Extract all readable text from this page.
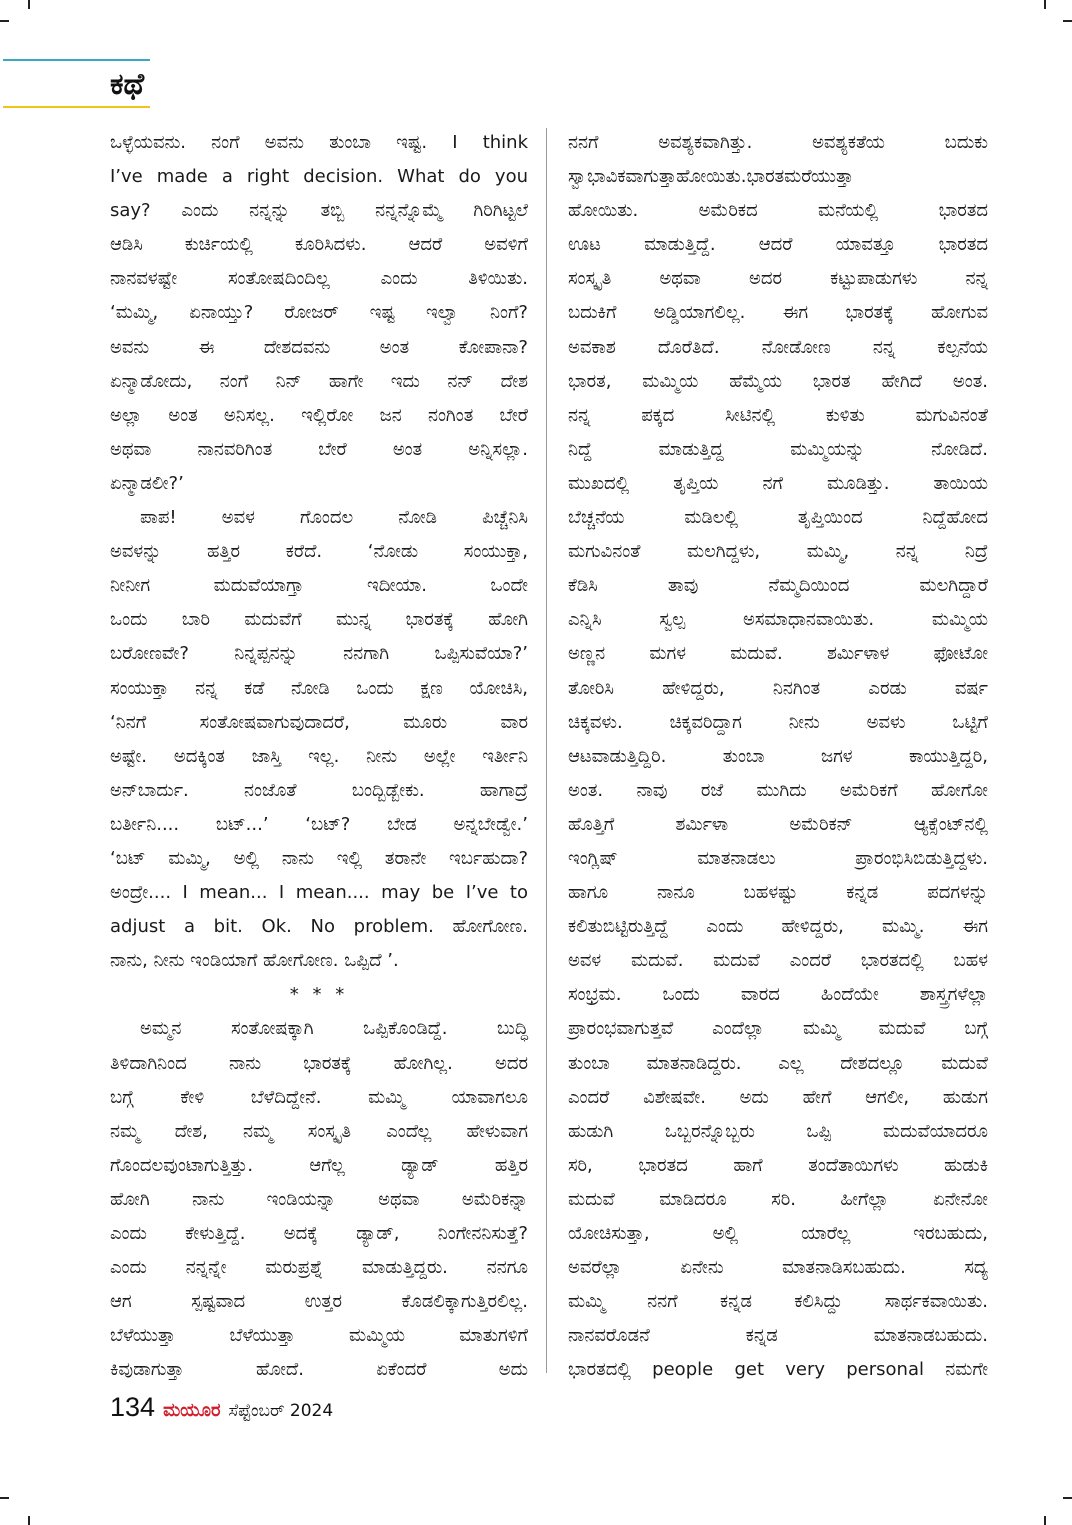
ಕಥೆ
ಒಳ್ಳೆಯವನು. ನಂಗೆ ಅವನು ತುಂಬಾ ಇಷ್ಟ. I think
I’ve made a right decision. What do you
say? ಎಂದು ನನ್ನನ್ನು ತಬ್ಬಿ ನನ್ನನ್ನೊಮ್ಮೆ ಗಿರಿಗಿಟ್ಟಲೆ
ಆಡಿಸಿ ಕುರ್ಚಿಯಲ್ಲಿ ಕೂರಿಸಿದಳು. ಆದರೆ ಅವಳಿಗೆ
ನಾನವಳಷ್ಟೇ ಸಂತೋಷದಿಂದಿಲ್ಲ ಎಂದು ತಿಳಿಯಿತು.
‘ಮಮ್ಮಿ, ಏನಾಯ್ತು? ರೋಜರ್ ಇಷ್ಟ ಇಲ್ವಾ ನಿಂಗೆ?
ಅವನು ಈ ದೇಶದವನು ಅಂತ ಕೋಪಾನಾ?
ಏನ್ಮಾಡೋದು, ನಂಗೆ ನಿನ್ ಹಾಗೇ ಇದು ನನ್ ದೇಶ
ಅಲ್ಲಾ ಅಂತ ಅನಿಸಲ್ಲ. ಇಲ್ಲಿರೋ ಜನ ನಂಗಿಂತ ಬೇರೆ
ಅಥವಾ ನಾನವರಿಗಿಂತ ಬೇರೆ ಅಂತ ಅನ್ನಿಸಲ್ಲಾ.
ಏನ್ಮಾಡಲೀ?’
ಪಾಪ! ಅವಳ ಗೊಂದಲ ನೋಡಿ ಪಿಚ್ಚೆನಿಸಿ
ಅವಳನ್ನು ಹತ್ತಿರ ಕರೆದೆ. ‘ನೋಡು ಸಂಯುಕ್ತಾ,
ನೀನೀಗ ಮದುವೆಯಾಗ್ತಾ ಇದೀಯಾ. ಒಂದೇ
ಒಂದು ಬಾರಿ ಮದುವೆಗೆ ಮುನ್ನ ಭಾರತಕ್ಕೆ ಹೋಗಿ
ಬರೋಣವೇ? ನಿನ್ನಪ್ಪನನ್ನು ನನಗಾಗಿ ಒಪ್ಪಿಸುವೆಯಾ?’
ಸಂಯುಕ್ತಾ ನನ್ನ ಕಡೆ ನೋಡಿ ಒಂದು ಕ್ಷಣ ಯೋಚಿಸಿ,
‘ನಿನಗೆ ಸಂತೋಷವಾಗುವುದಾದರೆ, ಮೂರು ವಾರ
ಅಷ್ಟೇ. ಅದಕ್ಕಿಂತ ಜಾಸ್ತಿ ಇಲ್ಲ. ನೀನು ಅಲ್ಲೇ ಇರ್ತೀನಿ
ಅನ್‌ಬಾರ್ದು. ನಂಜೊತೆ ಬಂದ್ಬಿಡ್ಬೇಕು. ಹಾಗಾದ್ರೆ
ಬರ್ತೀನಿ.... ಬಟ್...’ ‘ಬಟ್? ಬೇಡ ಅನ್ನಬೇಡ್ವೇ.’
‘ಬಟ್ ಮಮ್ಮಿ, ಅಲ್ಲಿ ನಾನು ಇಲ್ಲಿ ತರಾನೇ ಇರ್ಬಹುದಾ?
ಅಂದ್ರೇ.... I mean... I mean.... may be I’ve to
adjust a bit. Ok. No problem. ಹೋಗೋಣ.
ನಾನು, ನೀನು ಇಂಡಿಯಾಗೆ ಹೋಗೋಣ. ಒಪ್ಪಿದೆ ’.
* * *
ಅಮ್ಮನ ಸಂತೋಷಕ್ಕಾಗಿ ಒಪ್ಪಿಕೊಂಡಿದ್ದೆ. ಬುದ್ಧಿ
ತಿಳಿದಾಗಿನಿಂದ ನಾನು ಭಾರತಕ್ಕೆ ಹೋಗಿಲ್ಲ. ಅದರ
ಬಗ್ಗೆ ಕೇಳಿ ಬೆಳೆದಿದ್ದೇನೆ. ಮಮ್ಮಿ ಯಾವಾಗಲೂ
ನಮ್ಮ ದೇಶ, ನಮ್ಮ ಸಂಸ್ಕೃತಿ ಎಂದೆಲ್ಲ ಹೇಳುವಾಗ
ಗೊಂದಲವುಂಟಾಗುತ್ತಿತ್ತು. ಆಗೆಲ್ಲ ಡ್ಯಾಡ್ ಹತ್ತಿರ
ಹೋಗಿ ನಾನು ಇಂಡಿಯನ್ನಾ ಅಥವಾ ಅಮೆರಿಕನ್ನಾ
ಎಂದು ಕೇಳುತ್ತಿದ್ದೆ. ಅದಕ್ಕೆ ಡ್ಯಾಡ್, ನಿಂಗೇನನಿಸುತ್ತೆ?
ಎಂದು ನನ್ನನ್ನೇ ಮರುಪ್ರಶ್ನೆ ಮಾಡುತ್ತಿದ್ದರು. ನನಗೂ
ಆಗ ಸ್ಪಷ್ಟವಾದ ಉತ್ತರ ಕೊಡಲಿಕ್ಕಾಗುತ್ತಿರಲಿಲ್ಲ.
ಬೆಳೆಯುತ್ತಾ ಬೆಳೆಯುತ್ತಾ ಮಮ್ಮಿಯ ಮಾತುಗಳಿಗೆ
ಕಿವುಡಾಗುತ್ತಾ ಹೋದೆ. ಏಕೆಂದರೆ ಅದು
ನನಗೆ ಅವಶ್ಯಕವಾಗಿತ್ತು. ಅವಶ್ಯಕತೆಯ ಬದುಕು
ಸ್ವಾಭಾವಿಕವಾಗುತ್ತಾಹೋಯಿತು.ಭಾರತಮರೆಯುತ್ತಾ
ಹೋಯಿತು. ಅಮೆರಿಕದ ಮನೆಯಲ್ಲಿ ಭಾರತದ
ಊಟ ಮಾಡುತ್ತಿದ್ದೆ. ಆದರೆ ಯಾವತ್ತೂ ಭಾರತದ
ಸಂಸ್ಕೃತಿ ಅಥವಾ ಅದರ ಕಟ್ಟುಪಾಡುಗಳು ನನ್ನ
ಬದುಕಿಗೆ ಅಡ್ಡಿಯಾಗಲಿಲ್ಲ. ಈಗ ಭಾರತಕ್ಕೆ ಹೋಗುವ
ಅವಕಾಶ ದೊರೆತಿದೆ. ನೋಡೋಣ ನನ್ನ ಕಲ್ಪನೆಯ
ಭಾರತ, ಮಮ್ಮಿಯ ಹೆಮ್ಮೆಯ ಭಾರತ ಹೇಗಿದೆ ಅಂತ.
ನನ್ನ ಪಕ್ಕದ ಸೀಟಿನಲ್ಲಿ ಕುಳಿತು ಮಗುವಿನಂತೆ
ನಿದ್ದೆ ಮಾಡುತ್ತಿದ್ದ ಮಮ್ಮಿಯನ್ನು ನೋಡಿದೆ.
ಮುಖದಲ್ಲಿ ತೃಪ್ತಿಯ ನಗೆ ಮೂಡಿತ್ತು. ತಾಯಿಯ
ಬೆಚ್ಚನೆಯ ಮಡಿಲಲ್ಲಿ ತೃಪ್ತಿಯಿಂದ ನಿದ್ದೆಹೋದ
ಮಗುವಿನಂತೆ ಮಲಗಿದ್ದಳು, ಮಮ್ಮಿ, ನನ್ನ ನಿದ್ರೆ
ಕೆಡಿಸಿ ತಾವು ನೆಮ್ಮದಿಯಿಂದ ಮಲಗಿದ್ದಾರೆ
ಎನ್ನಿಸಿ ಸ್ವಲ್ಪ ಅಸಮಾಧಾನವಾಯಿತು. ಮಮ್ಮಿಯ
ಅಣ್ಣನ ಮಗಳ ಮದುವೆ. ಶರ್ಮಿಳಾಳ ಫೋಟೋ
ತೋರಿಸಿ ಹೇಳಿದ್ದರು, ನಿನಗಿಂತ ಎರಡು ವರ್ಷ
ಚಿಕ್ಕವಳು. ಚಿಕ್ಕವರಿದ್ದಾಗ ನೀನು ಅವಳು ಒಟ್ಟಿಗೆ
ಆಟವಾಡುತ್ತಿದ್ದಿರಿ. ತುಂಬಾ ಜಗಳ ಕಾಯುತ್ತಿದ್ದರಿ,
ಅಂತ. ನಾವು ರಜೆ ಮುಗಿದು ಅಮೆರಿಕಗೆ ಹೋಗೋ
ಹೊತ್ತಿಗೆ ಶರ್ಮಿಳಾ ಅಮೆರಿಕನ್ ಆ್ಯಕ್ಸೆಂಟ್‌ನಲ್ಲಿ
ಇಂಗ್ಲಿಷ್ ಮಾತನಾಡಲು ಪ್ರಾರಂಭಿಸಿಬಿಡುತ್ತಿದ್ದಳು.
ಹಾಗೂ ನಾನೂ ಬಹಳಷ್ಟು ಕನ್ನಡ ಪದಗಳನ್ನು
ಕಲಿತುಬಿಟ್ಟಿರುತ್ತಿದ್ದೆ ಎಂದು ಹೇಳಿದ್ದರು, ಮಮ್ಮಿ. ಈಗ
ಅವಳ ಮದುವೆ. ಮದುವೆ ಎಂದರೆ ಭಾರತದಲ್ಲಿ ಬಹಳ
ಸಂಭ್ರಮ. ಒಂದು ವಾರದ ಹಿಂದೆಯೇ ಶಾಸ್ತ್ರಗಳೆಲ್ಲಾ
ಪ್ರಾರಂಭವಾಗುತ್ತವೆ ಎಂದೆಲ್ಲಾ ಮಮ್ಮಿ ಮದುವೆ ಬಗ್ಗೆ
ತುಂಬಾ ಮಾತನಾಡಿದ್ದರು. ಎಲ್ಲ ದೇಶದಲ್ಲೂ ಮದುವೆ
ಎಂದರೆ ವಿಶೇಷವೇ. ಅದು ಹೇಗೆ ಆಗಲೀ, ಹುಡುಗ
ಹುಡುಗಿ ಒಬ್ಬರನ್ನೊಬ್ಬರು ಒಪ್ಪಿ ಮದುವೆಯಾದರೂ
ಸರಿ, ಭಾರತದ ಹಾಗೆ ತಂದೆತಾಯಿಗಳು ಹುಡುಕಿ
ಮದುವೆ ಮಾಡಿದರೂ ಸರಿ. ಹೀಗೆಲ್ಲಾ ಏನೇನೋ
ಯೋಚಿಸುತ್ತಾ, ಅಲ್ಲಿ ಯಾರೆಲ್ಲ ಇರಬಹುದು,
ಅವರೆಲ್ಲಾ ಏನೇನು ಮಾತನಾಡಿಸಬಹುದು. ಸದ್ಯ
ಮಮ್ಮಿ ನನಗೆ ಕನ್ನಡ ಕಲಿಸಿದ್ದು ಸಾರ್ಥಕವಾಯಿತು.
ನಾನವರೊಡನೆ ಕನ್ನಡ ಮಾತನಾಡಬಹುದು.
ಭಾರತದಲ್ಲಿ people get very personal ನಮಗೇ
134 ಮಯೂರ ಸೆಪ್ಟೆಂಬರ್ 2024
